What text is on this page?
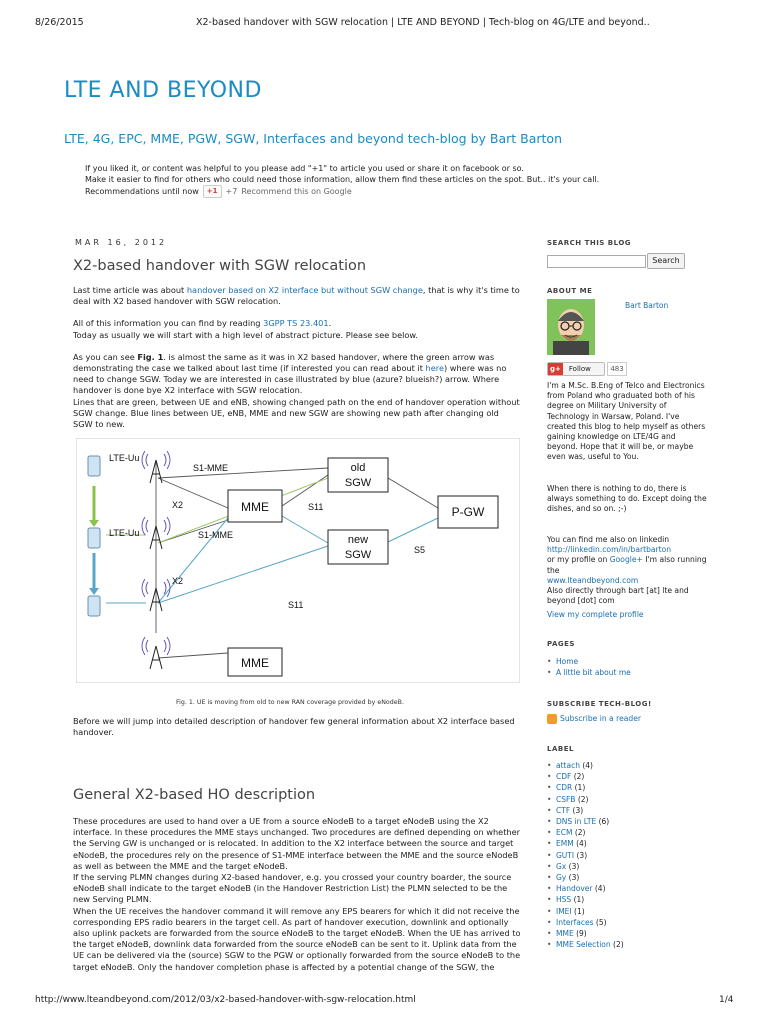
8/26/2015	X2-based handover with SGW relocation | LTE AND BEYOND | Tech-blog on 4G/LTE and beyond..
http://www.lteandbeyond.com/2012/03/x2-based-handover-with-sgw-relocation.html	1/4
LTE AND BEYOND
LTE, 4G, EPC, MME, PGW, SGW, Interfaces and beyond tech-blog by Bart Barton
If you liked it, or content was helpful to you please add "+1" to article you used or share it on facebook or so.
Make it easier to find for others who could need those information, allow them find these articles on the spot. But.. it's your call.
Recommendations until now	+1	+7 Recommend this on Google
MAR 16, 2012
X2-based handover with SGW relocation

Last time article was about handover based on X2 interface but without SGW change, that is why it's time to deal with X2 based handover with SGW relocation.

All of this information you can find by reading 3GPP TS 23.401.

Today as usually we will start with a high level of abstract picture. Please see below.

As you can see Fig. 1. is almost the same as it was in X2 based handover, where the green arrow was demonstrating the case we talked about last time (if interested you can read about it here) where was no need to change SGW. Today we are interested in case illustrated by blue (azure? blueish?) arrow. Where handover is done bye X2 interface with SGW relocation.

Lines that are green, between UE and eNB, showing changed path on the end of handover operation without SGW change. Blue lines between UE, eNB, MME and new SGW are showing new path after changing old SGW to new.

LTE-Uu
LTE-Uu
S1-MME
S1-MME
X2
X2
S11
S11
S5
MME
MME
old
SGW
new
SGW
P-GW
Fig. 1. UE is moving from old to new RAN coverage provided by eNodeB.
Before we will jump into detailed description of handover few general information about X2 interface based handover.
General X2-based HO description

These procedures are used to hand over a UE from a source eNodeB to a target eNodeB using the X2 interface. In these procedures the MME stays unchanged. Two procedures are defined depending on whether the Serving GW is unchanged or is relocated. In addition to the X2 interface between the source and target eNodeB, the procedures rely on the presence of S1-MME interface between the MME and the source eNodeB as well as between the MME and the target eNodeB.

If the serving PLMN changes during X2-based handover, e.g. you crossed your country boarder, the source eNodeB shall indicate to the target eNodeB (in the Handover Restriction List) the PLMN selected to be the new Serving PLMN.

When the UE receives the handover command it will remove any EPS bearers for which it did not receive the corresponding EPS radio bearers in the target cell. As part of handover execution, downlink and optionally also uplink packets are forwarded from the source eNodeB to the target eNodeB. When the UE has arrived to the target eNodeB, downlink data forwarded from the source eNodeB can be sent to it. Uplink data from the UE can be delivered via the (source) SGW to the PGW or optionally forwarded from the source eNodeB to the target eNodeB. Only the handover completion phase is affected by a potential change of the SGW, the

SEARCH THIS BLOG
Search
ABOUT ME
Bart Barton
g+ Follow	483
I'm a M.Sc. B.Eng of Telco and Electronics from Poland who graduated both of his degree on Military University of Technology in Warsaw, Poland. I've created this blog to help myself as others gaining knowledge on LTE/4G and beyond. Hope that it will be, or maybe even was, useful to You.
When there is nothing to do, there is always something to do. Except doing the dishes, and so on. ;-)
You can find me also on linkedin
http://linkedin.com/in/bartbarton
or my profile on Google+ I'm also running the
www.lteandbeyond.com
Also directly through bart [at] lte and beyond [dot] com
View my complete profile
PAGES
• Home
• A little bit about me
SUBSCRIBE TECH-BLOG!
Subscribe in a reader
LABEL
• attach (4)
• CDF (2)
• CDR (1)
• CSFB (2)
• CTF (3)
• DNS in LTE (6)
• ECM (2)
• EMM (4)
• GUTI (3)
• Gx (3)
• Gy (3)
• Handover (4)
• HSS (1)
• IMEI (1)
• Interfaces (5)
• MME (9)
• MME Selection (2)
